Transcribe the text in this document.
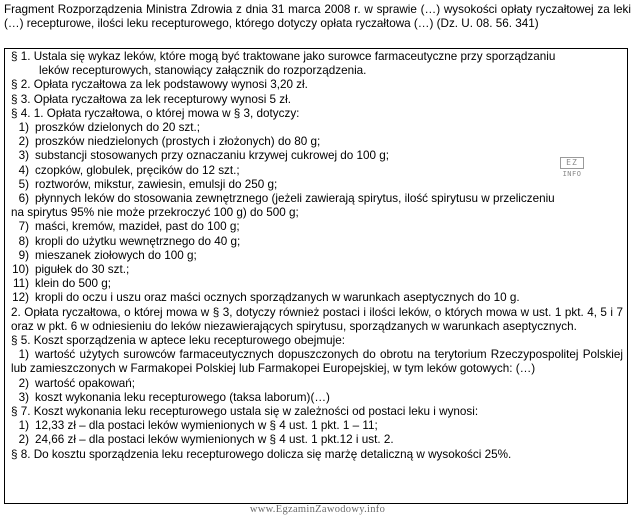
Fragment Rozporządzenia Ministra Zdrowia z dnia 31 marca 2008 r. w sprawie (…) wysokości opłaty ryczałtowej za leki (…) recepturowe, ilości leku recepturowego, którego dotyczy opłata ryczałtowa (…) (Dz. U. 08. 56. 341)
§ 1. Ustala się wykaz leków, które mogą być traktowane jako surowce farmaceutyczne przy sporządzaniu
leków recepturowych, stanowiący załącznik do rozporządzenia.
§ 2. Opłata ryczałtowa za lek podstawowy wynosi 3,20 zł.
§ 3. Opłata ryczałtowa za lek recepturowy wynosi 5 zł.
§ 4. 1. Opłata ryczałtowa, o której mowa w § 3, dotyczy:
1) proszków dzielonych do 20 szt.;
2) proszków niedzielonych (prostych i złożonych) do 80 g;
3) substancji stosowanych przy oznaczaniu krzywej cukrowej do 100 g;
4) czopków, globulek, pręcików do 12 szt.;
5) roztworów, mikstur, zawiesin, emulsji do 250 g;
6) płynnych leków do stosowania zewnętrznego (jeżeli zawierają spirytus, ilość spirytusu w przeliczeniu
na spirytus 95% nie może przekroczyć 100 g) do 500 g;
7) maści, kremów, mazideł, past do 100 g;
8) kropli do użytku wewnętrznego do 40 g;
9) mieszanek ziołowych do 100 g;
10) pigułek do 30 szt.;
11) klein do 500 g;
12) kropli do oczu i uszu oraz maści ocznych sporządzanych w warunkach aseptycznych do 10 g.
2. Opłata ryczałtowa, o której mowa w § 3, dotyczy również postaci i ilości leków, o których mowa w ust. 1 pkt. 4, 5 i 7 oraz w pkt. 6 w odniesieniu do leków niezawierających spirytusu, sporządzanych w warunkach aseptycznych.
§ 5. Koszt sporządzenia w aptece leku recepturowego obejmuje:
1) wartość użytych surowców farmaceutycznych dopuszczonych do obrotu na terytorium Rzeczypospolitej Polskiej lub zamieszczonych w Farmakopei Polskiej lub Farmakopei Europejskiej, w tym leków gotowych: (…)
2) wartość opakowań;
3) koszt wykonania leku recepturowego (taksa laborum)(…)
§ 7. Koszt wykonania leku recepturowego ustala się w zależności od postaci leku i wynosi:
1) 12,33 zł – dla postaci leków wymienionych w § 4 ust. 1 pkt. 1 – 11;
2) 24,66 zł – dla postaci leków wymienionych w § 4 ust. 1 pkt.12 i ust. 2.
§ 8. Do kosztu sporządzenia leku recepturowego dolicza się marżę detaliczną w wysokości 25%.
EZ
INFO
www.EgzaminZawodowy.info
